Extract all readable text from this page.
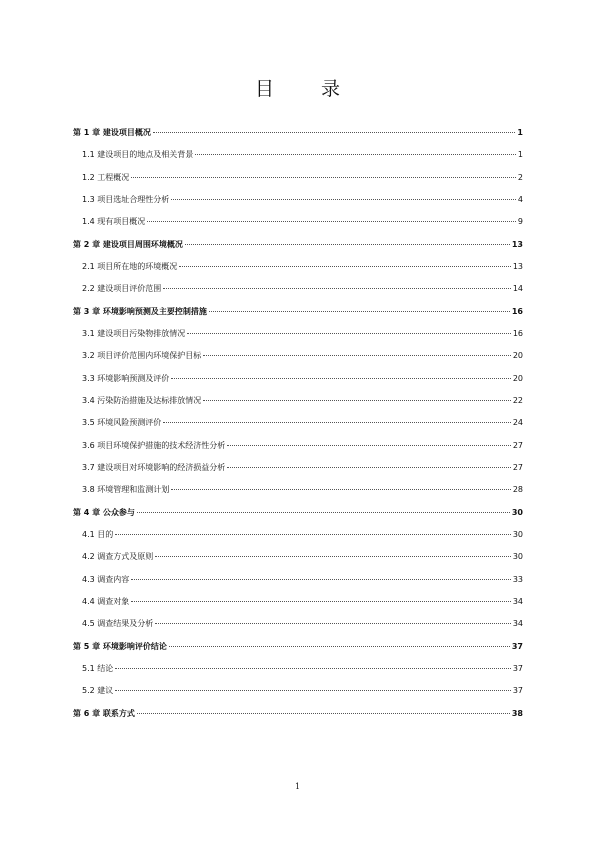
目　录
第 1 章 建设项目概况	1
1.1 建设项目的地点及相关背景	1
1.2 工程概况	2
1.3 项目选址合理性分析	4
1.4 现有项目概况	9
第 2 章 建设项目周围环境概况	13
2.1 项目所在地的环境概况	13
2.2 建设项目评价范围	14
第 3 章 环境影响预测及主要控制措施	16
3.1 建设项目污染物排放情况	16
3.2 项目评价范围内环境保护目标	20
3.3 环境影响预测及评价	20
3.4 污染防治措施及达标排放情况	22
3.5 环境风险预测评价	24
3.6 项目环境保护措施的技术经济性分析	27
3.7 建设项目对环境影响的经济损益分析	27
3.8 环境管理和监测计划	28
第 4 章 公众参与	30
4.1 目的	30
4.2 调查方式及原则	30
4.3 调查内容	33
4.4 调查对象	34
4.5 调查结果及分析	34
第 5 章 环境影响评价结论	37
5.1 结论	37
5.2 建议	37
第 6 章 联系方式	38
1
